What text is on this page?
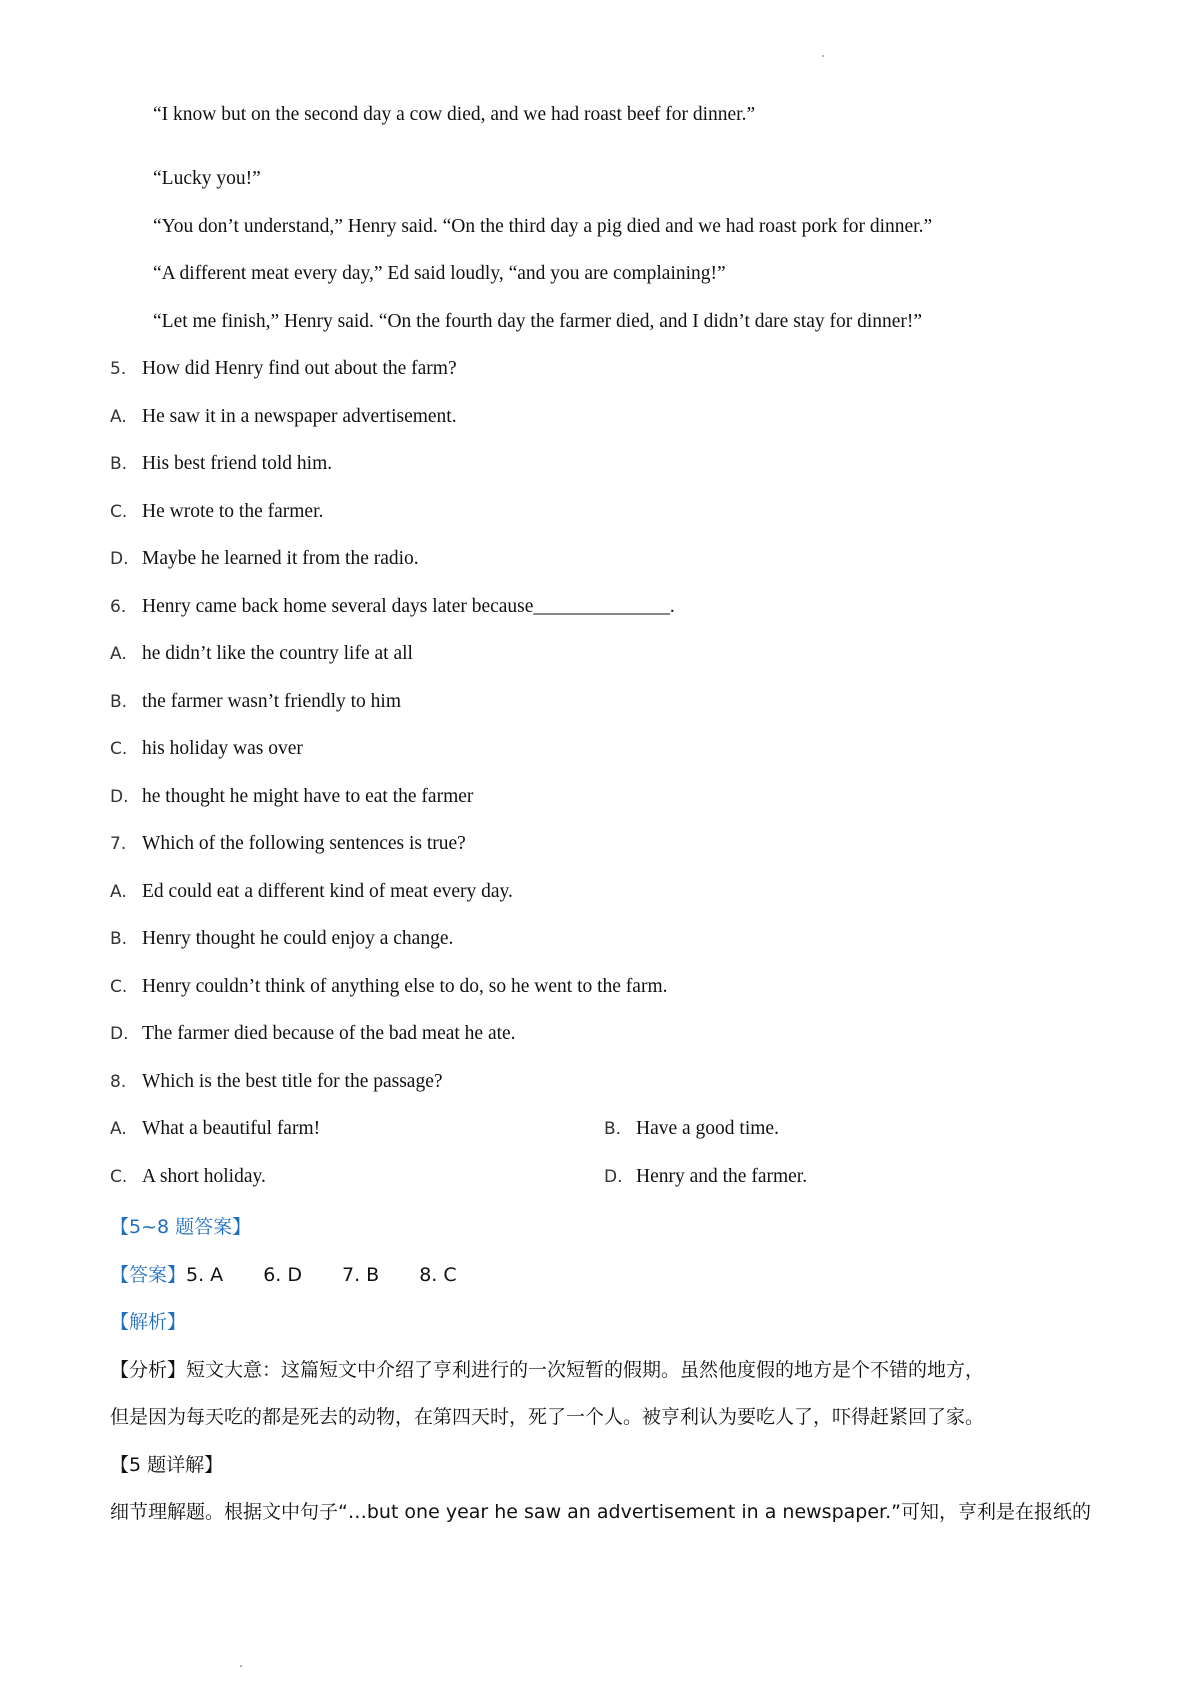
“I know but on the second day a cow died, and we had roast beef for dinner.”
“Lucky you!”
“You don’t understand,” Henry said. “On the third day a pig died and we had roast pork for dinner.”
“A different meat every day,” Ed said loudly, “and you are complaining!”
“Let me finish,” Henry said. “On the fourth day the farmer died, and I didn’t dare stay for dinner!”
5. How did Henry find out about the farm?
A. He saw it in a newspaper advertisement.
B. His best friend told him.
C. He wrote to the farmer.
D. Maybe he learned it from the radio.
6. Henry came back home several days later because______________.
A. he didn’t like the country life at all
B. the farmer wasn’t friendly to him
C. his holiday was over
D. he thought he might have to eat the farmer
7. Which of the following sentences is true?
A. Ed could eat a different kind of meat every day.
B. Henry thought he could enjoy a change.
C. Henry couldn’t think of anything else to do, so he went to the farm.
D. The farmer died because of the bad meat he ate.
8. Which is the best title for the passage?
A. What a beautiful farm!	B. Have a good time.
C. A short holiday.	D. Henry and the farmer.
【5~8 题答案】
【答案】5. A 6. D 7. B 8. C
【解析】
【分析】短文大意：这篇短文中介绍了亨利进行的一次短暂的假期。虽然他度假的地方是个不错的地方，
但是因为每天吃的都是死去的动物，在第四天时，死了一个人。被亨利认为要吃人了，吓得赶紧回了家。
【5 题详解】
细节理解题。根据文中句子“…but one year he saw an advertisement in a newspaper.”可知，亨利是在报纸的
